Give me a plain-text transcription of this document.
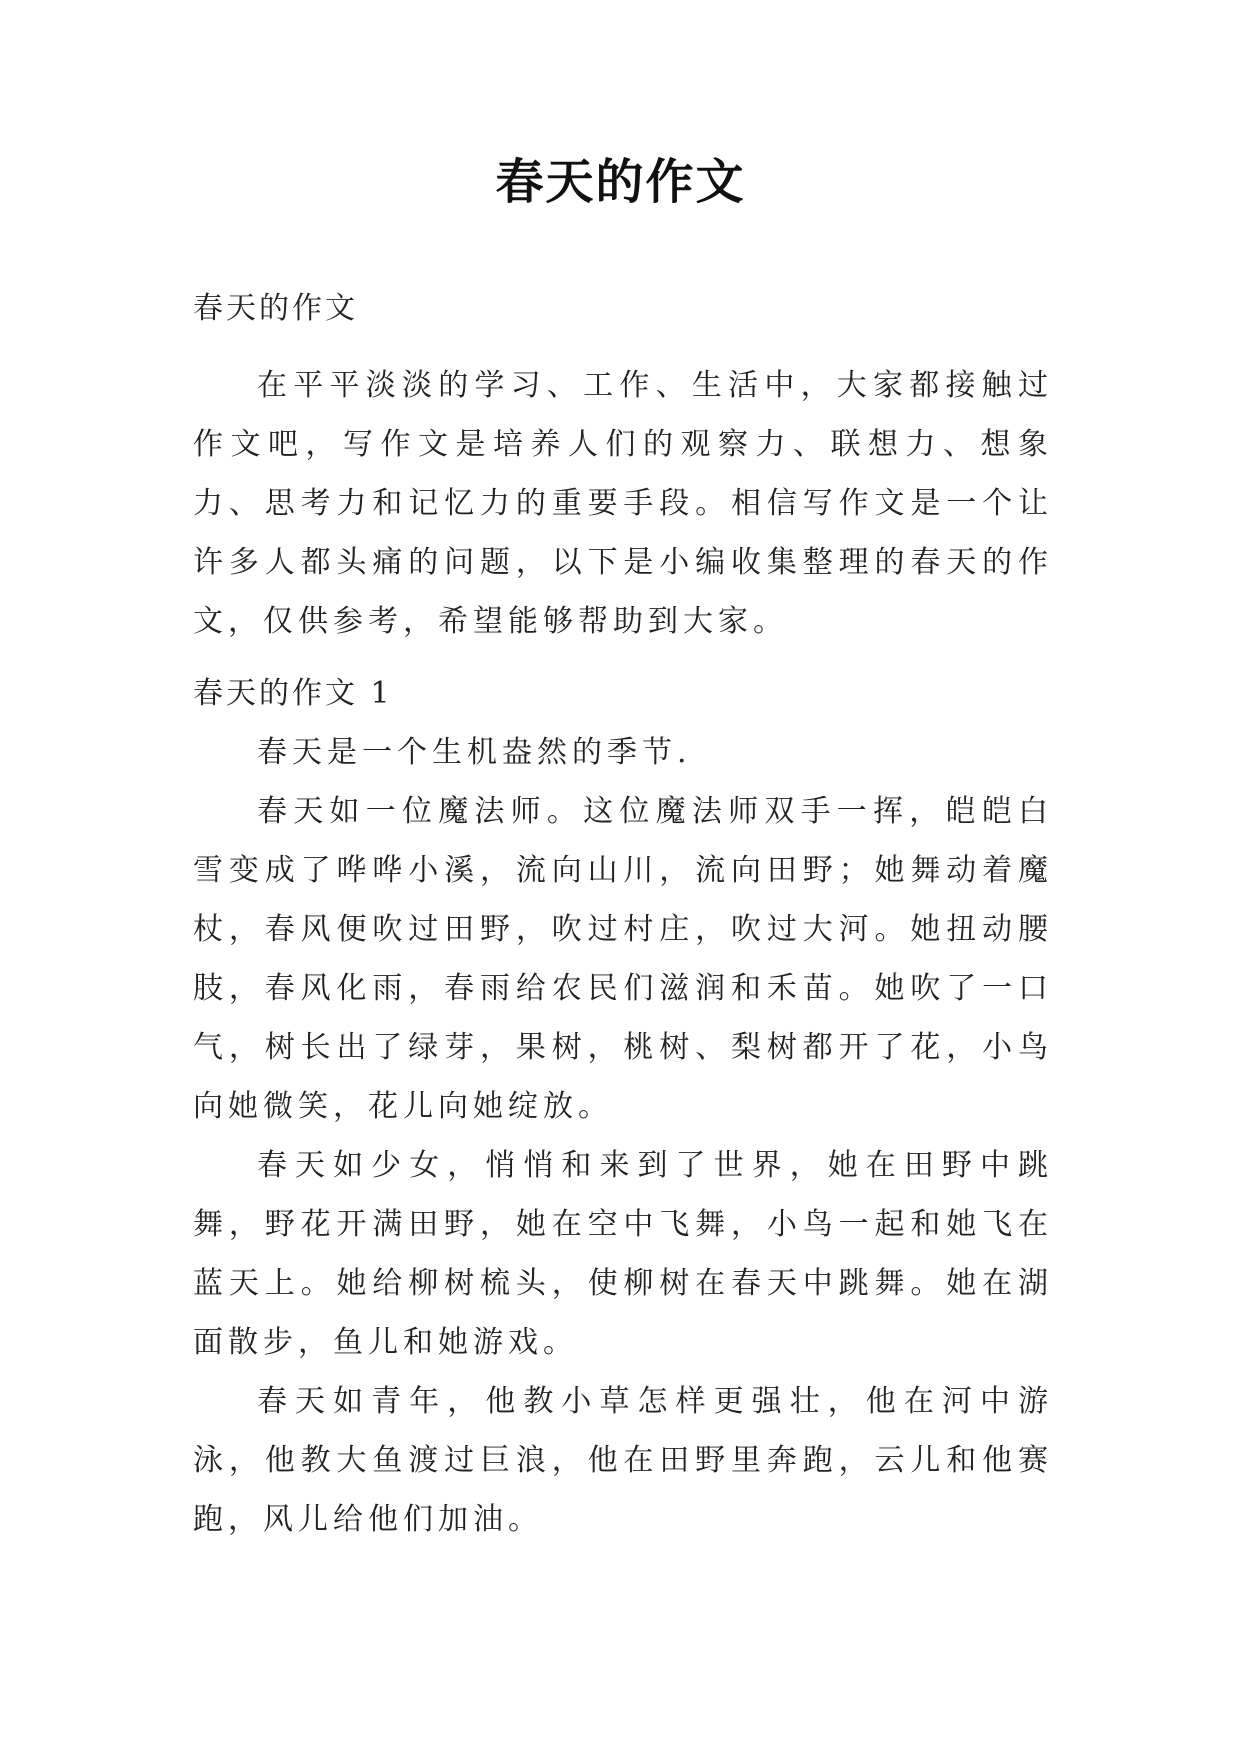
春天的作文

春天的作文

在平平淡淡的学习、工作、生活中，大家都接触过作文吧，写作文是培养人们的观察力、联想力、想象力、思考力和记忆力的重要手段。相信写作文是一个让许多人都头痛的问题，以下是小编收集整理的春天的作文，仅供参考，希望能够帮助到大家。

春天的作文 1

春天是一个生机盎然的季节.

春天如一位魔法师。这位魔法师双手一挥，皑皑白雪变成了哗哗小溪，流向山川，流向田野；她舞动着魔杖，春风便吹过田野，吹过村庄，吹过大河。她扭动腰肢，春风化雨，春雨给农民们滋润和禾苗。她吹了一口气，树长出了绿芽，果树，桃树、梨树都开了花，小鸟向她微笑，花儿向她绽放。

春天如少女，悄悄和来到了世界，她在田野中跳舞，野花开满田野，她在空中飞舞，小鸟一起和她飞在蓝天上。她给柳树梳头，使柳树在春天中跳舞。她在湖面散步，鱼儿和她游戏。

春天如青年，他教小草怎样更强壮，他在河中游泳，他教大鱼渡过巨浪，他在田野里奔跑，云儿和他赛跑，风儿给他们加油。
